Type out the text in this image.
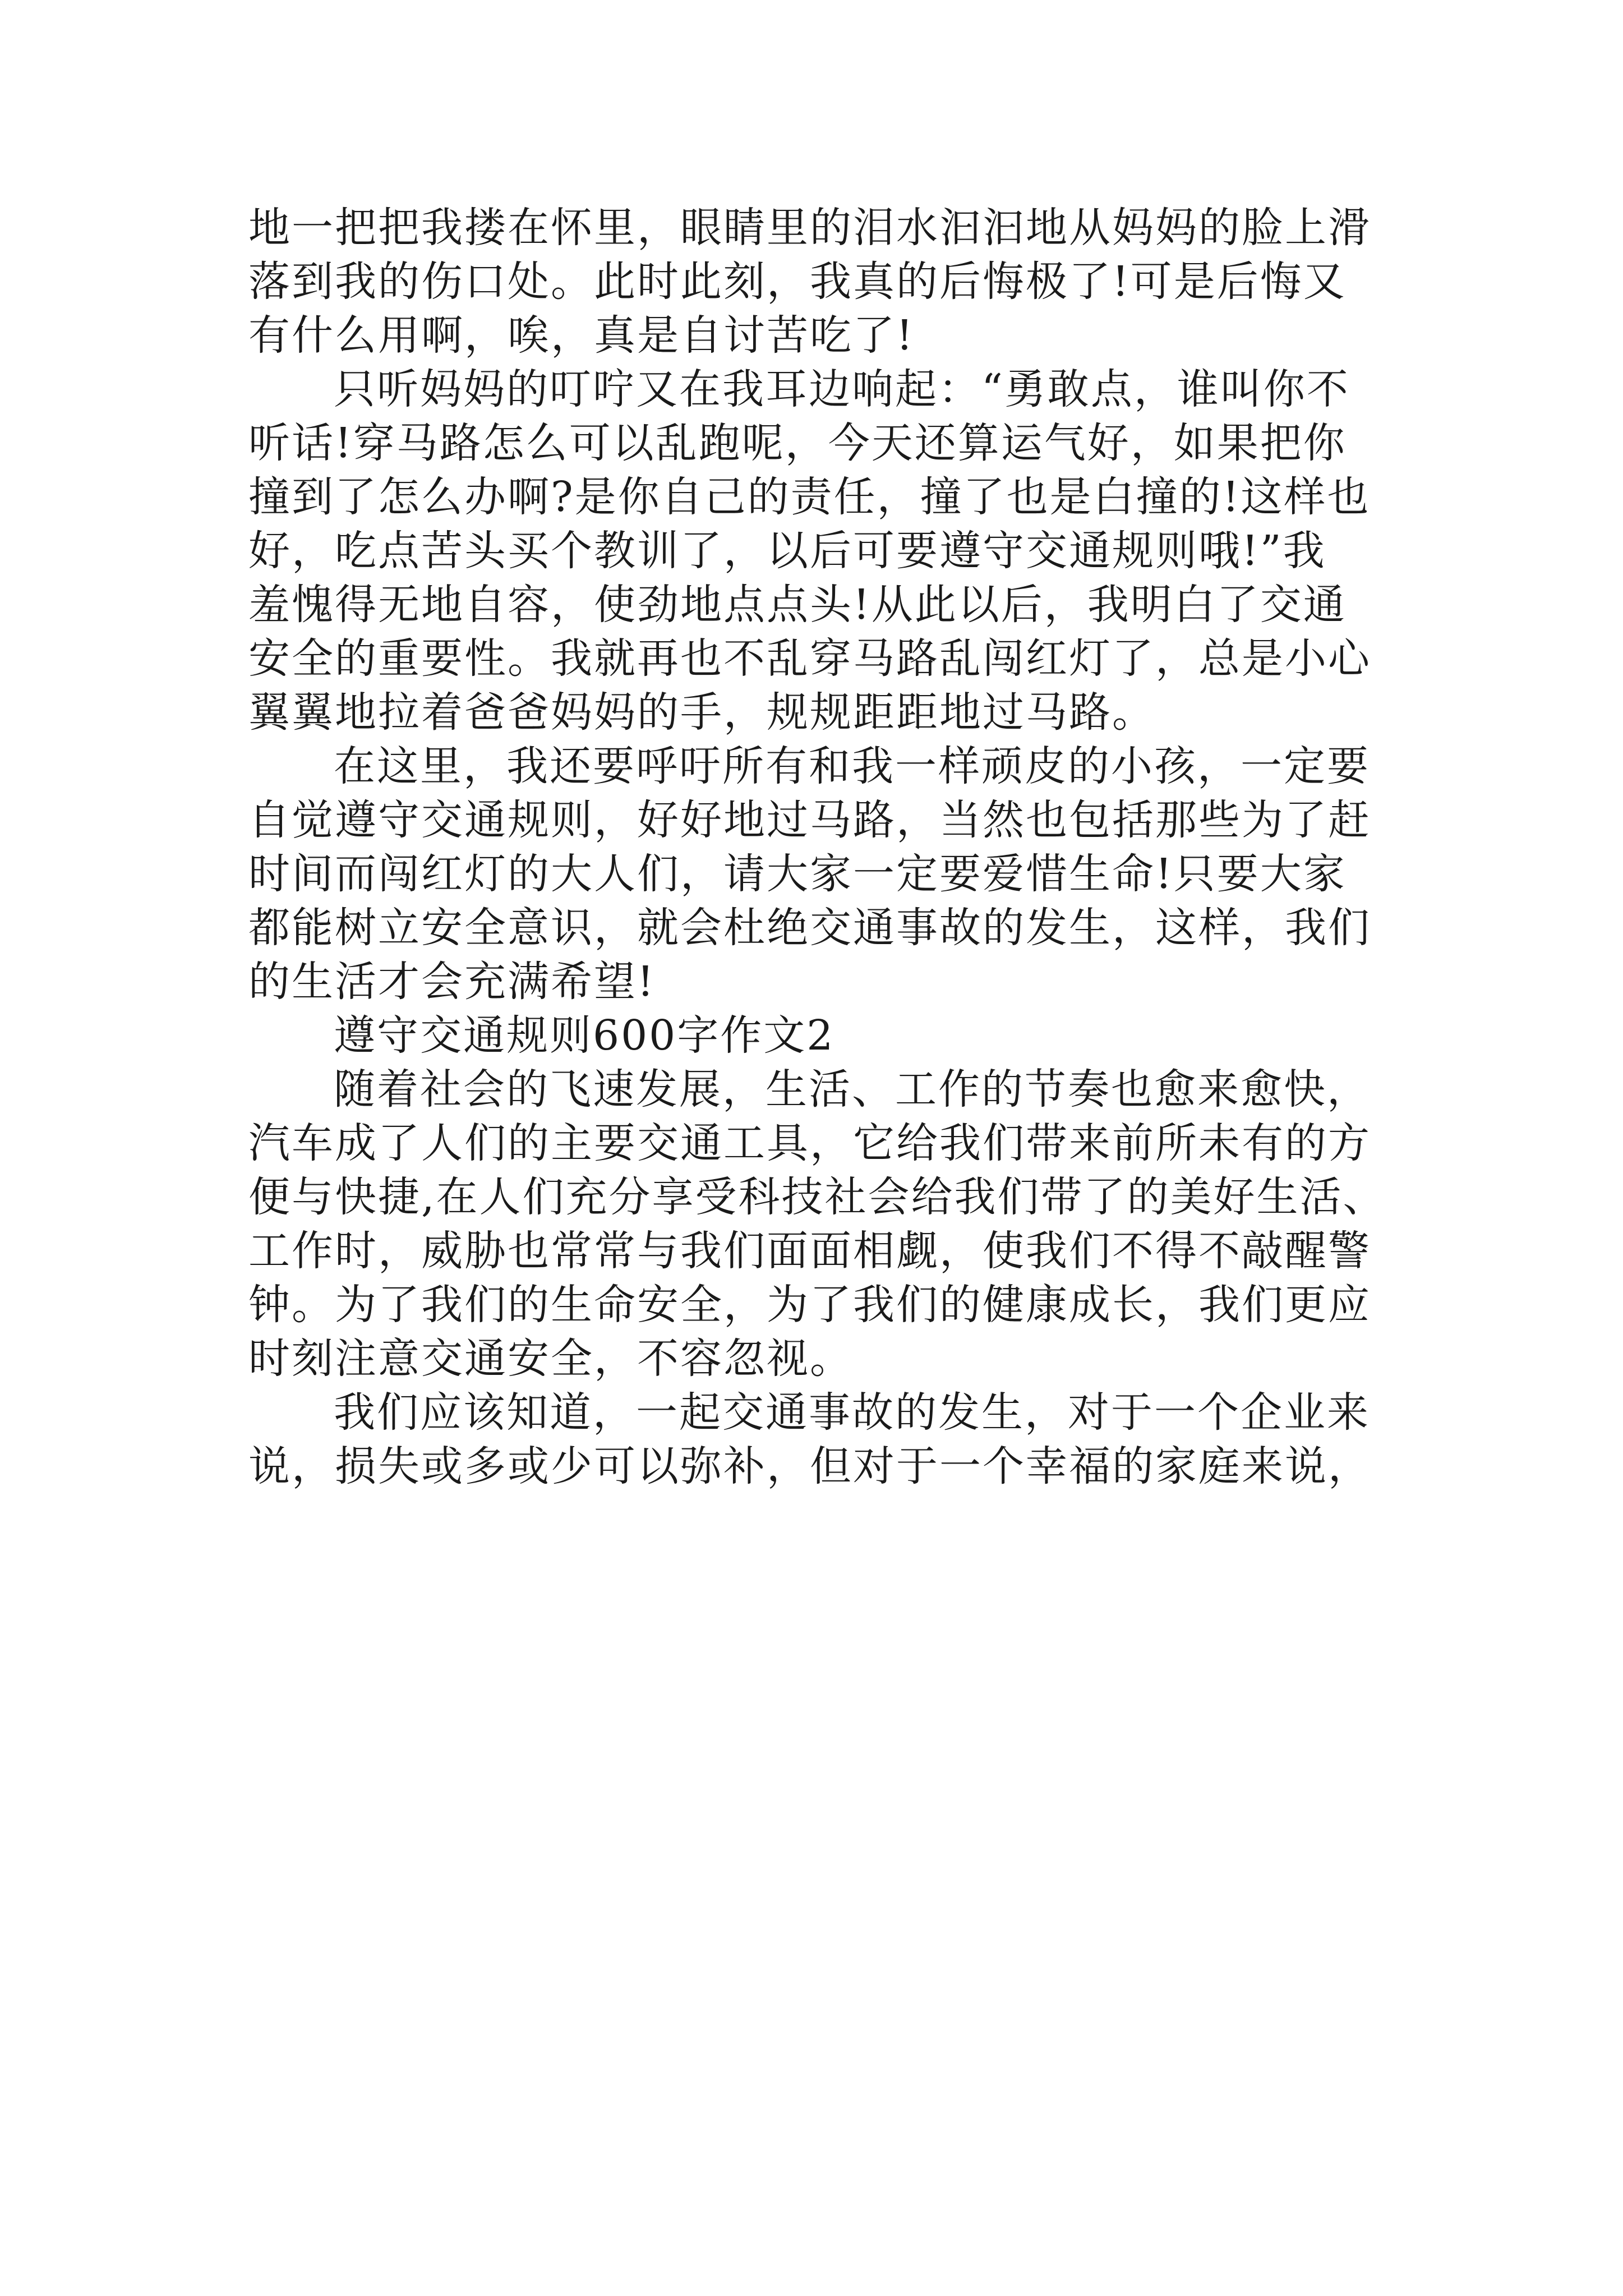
地一把把我搂在怀里，眼睛里的泪水汩汩地从妈妈的脸上滑
落到我的伤口处。此时此刻，我真的后悔极了!可是后悔又
有什么用啊，唉，真是自讨苦吃了!
只听妈妈的叮咛又在我耳边响起：“勇敢点，谁叫你不
听话!穿马路怎么可以乱跑呢，今天还算运气好，如果把你
撞到了怎么办啊?是你自己的责任，撞了也是白撞的!这样也
好，吃点苦头买个教训了，以后可要遵守交通规则哦!”我
羞愧得无地自容，使劲地点点头!从此以后，我明白了交通
安全的重要性。我就再也不乱穿马路乱闯红灯了，总是小心
翼翼地拉着爸爸妈妈的手，规规距距地过马路。
在这里，我还要呼吁所有和我一样顽皮的小孩，一定要
自觉遵守交通规则，好好地过马路，当然也包括那些为了赶
时间而闯红灯的大人们，请大家一定要爱惜生命!只要大家
都能树立安全意识，就会杜绝交通事故的发生，这样，我们
的生活才会充满希望!
遵守交通规则600字作文2
随着社会的飞速发展，生活、工作的节奏也愈来愈快，
汽车成了人们的主要交通工具，它给我们带来前所未有的方
便与快捷,在人们充分享受科技社会给我们带了的美好生活、
工作时，威胁也常常与我们面面相觑，使我们不得不敲醒警
钟。为了我们的生命安全，为了我们的健康成长，我们更应
时刻注意交通安全，不容忽视。
我们应该知道，一起交通事故的发生，对于一个企业来
说，损失或多或少可以弥补，但对于一个幸福的家庭来说，
